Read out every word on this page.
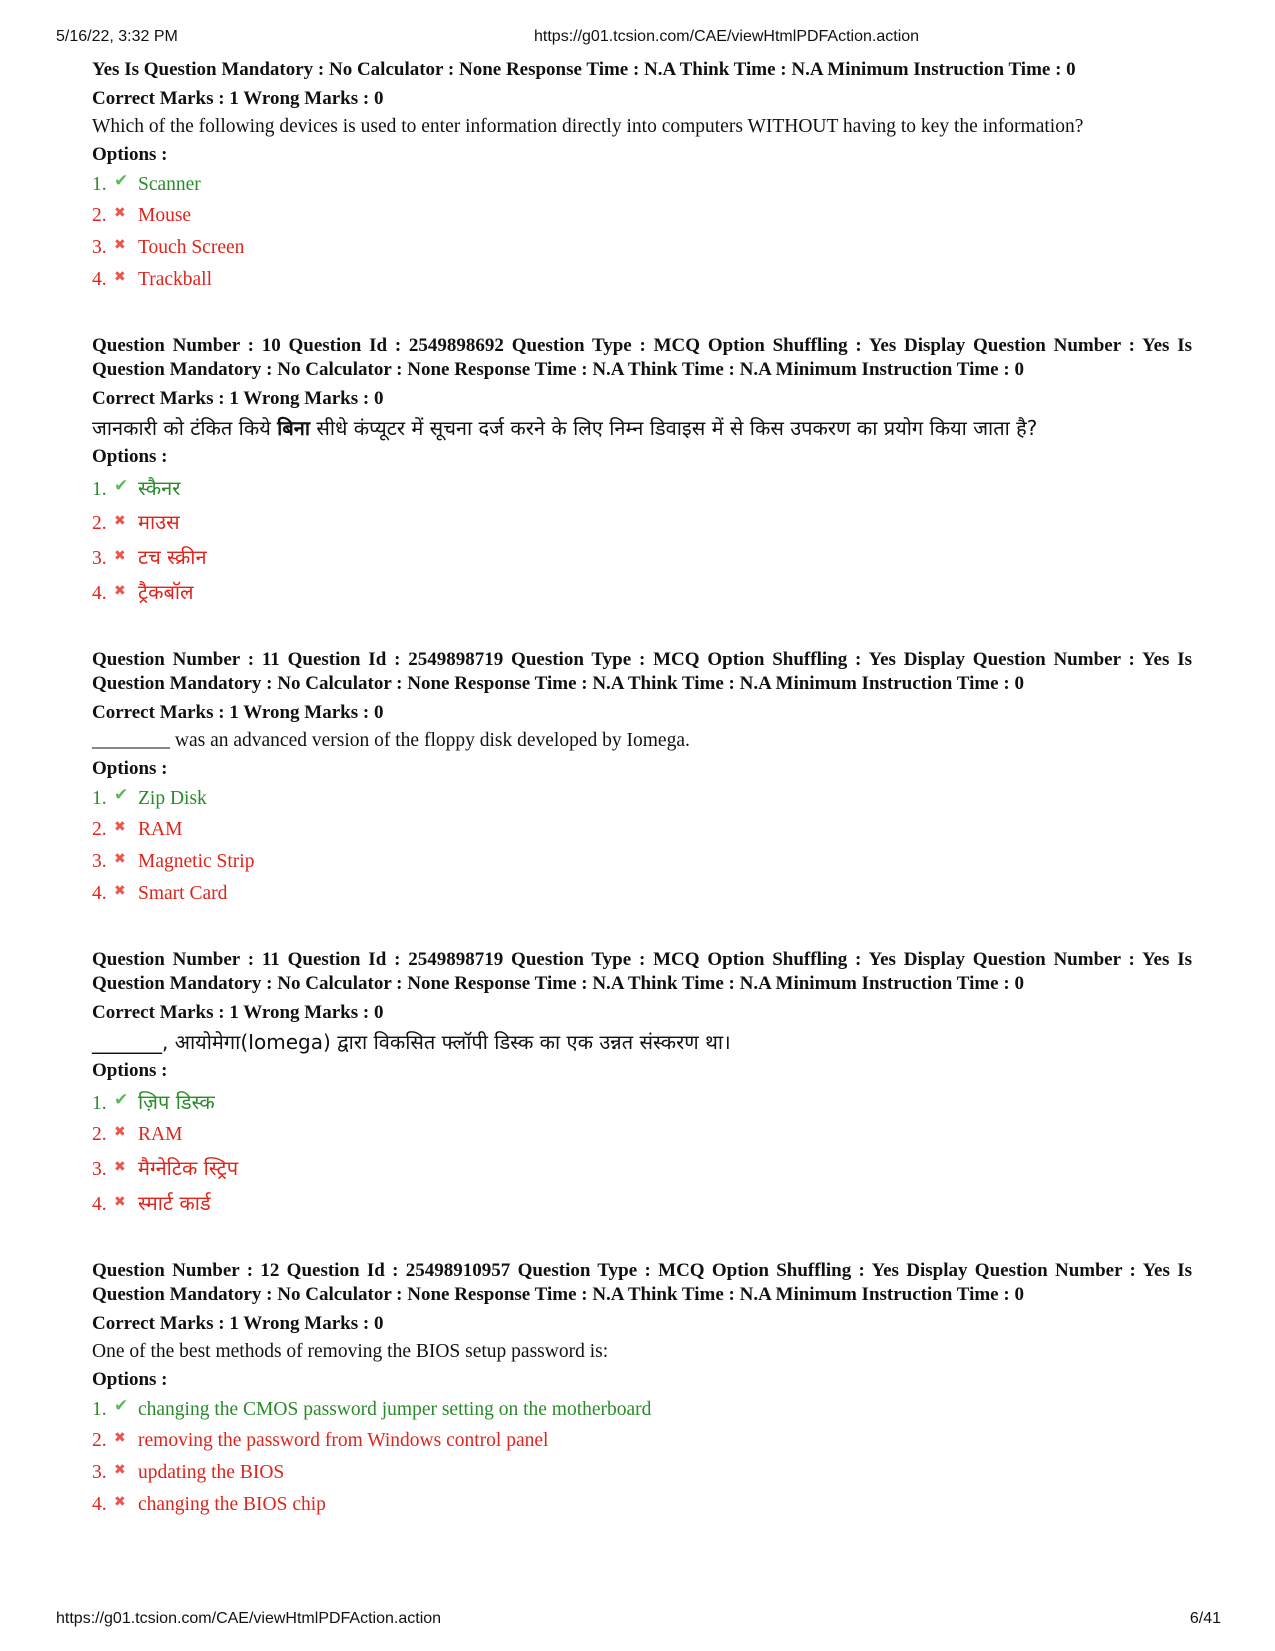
5/16/22, 3:32 PM	https://g01.tcsion.com/CAE/viewHtmlPDFAction.action
Yes Is Question Mandatory : No Calculator : None Response Time : N.A Think Time : N.A Minimum Instruction Time : 0
Correct Marks : 1 Wrong Marks : 0
Which of the following devices is used to enter information directly into computers WITHOUT having to key the information?
Options :
1. ✔ Scanner
2. ✖ Mouse
3. ✖ Touch Screen
4. ✖ Trackball
Question Number : 10 Question Id : 2549898692 Question Type : MCQ Option Shuffling : Yes Display Question Number : Yes Is Question Mandatory : No Calculator : None Response Time : N.A Think Time : N.A Minimum Instruction Time : 0
Correct Marks : 1 Wrong Marks : 0
जानकारी को टंकित किये बिना सीधे कंप्यूटर में सूचना दर्ज करने के लिए निम्न डिवाइस में से किस उपकरण का प्रयोग किया जाता है?
Options :
1. ✔ स्कैनर
2. ✖ माउस
3. ✖ टच स्क्रीन
4. ✖ ट्रैकबॉल
Question Number : 11 Question Id : 2549898719 Question Type : MCQ Option Shuffling : Yes Display Question Number : Yes Is Question Mandatory : No Calculator : None Response Time : N.A Think Time : N.A Minimum Instruction Time : 0
Correct Marks : 1 Wrong Marks : 0
________ was an advanced version of the floppy disk developed by Iomega.
Options :
1. ✔ Zip Disk
2. ✖ RAM
3. ✖ Magnetic Strip
4. ✖ Smart Card
Question Number : 11 Question Id : 2549898719 Question Type : MCQ Option Shuffling : Yes Display Question Number : Yes Is Question Mandatory : No Calculator : None Response Time : N.A Think Time : N.A Minimum Instruction Time : 0
Correct Marks : 1 Wrong Marks : 0
_______, आयोमेगा(Iomega) द्वारा विकसित फ्लॉपी डिस्क का एक उन्नत संस्करण था।
Options :
1. ✔ ज़िप डिस्क
2. ✖ RAM
3. ✖ मैग्नेटिक स्ट्रिप
4. ✖ स्मार्ट कार्ड
Question Number : 12 Question Id : 25498910957 Question Type : MCQ Option Shuffling : Yes Display Question Number : Yes Is Question Mandatory : No Calculator : None Response Time : N.A Think Time : N.A Minimum Instruction Time : 0
Correct Marks : 1 Wrong Marks : 0
One of the best methods of removing the BIOS setup password is:
Options :
1. ✔ changing the CMOS password jumper setting on the motherboard
2. ✖ removing the password from Windows control panel
3. ✖ updating the BIOS
4. ✖ changing the BIOS chip
https://g01.tcsion.com/CAE/viewHtmlPDFAction.action	6/41
